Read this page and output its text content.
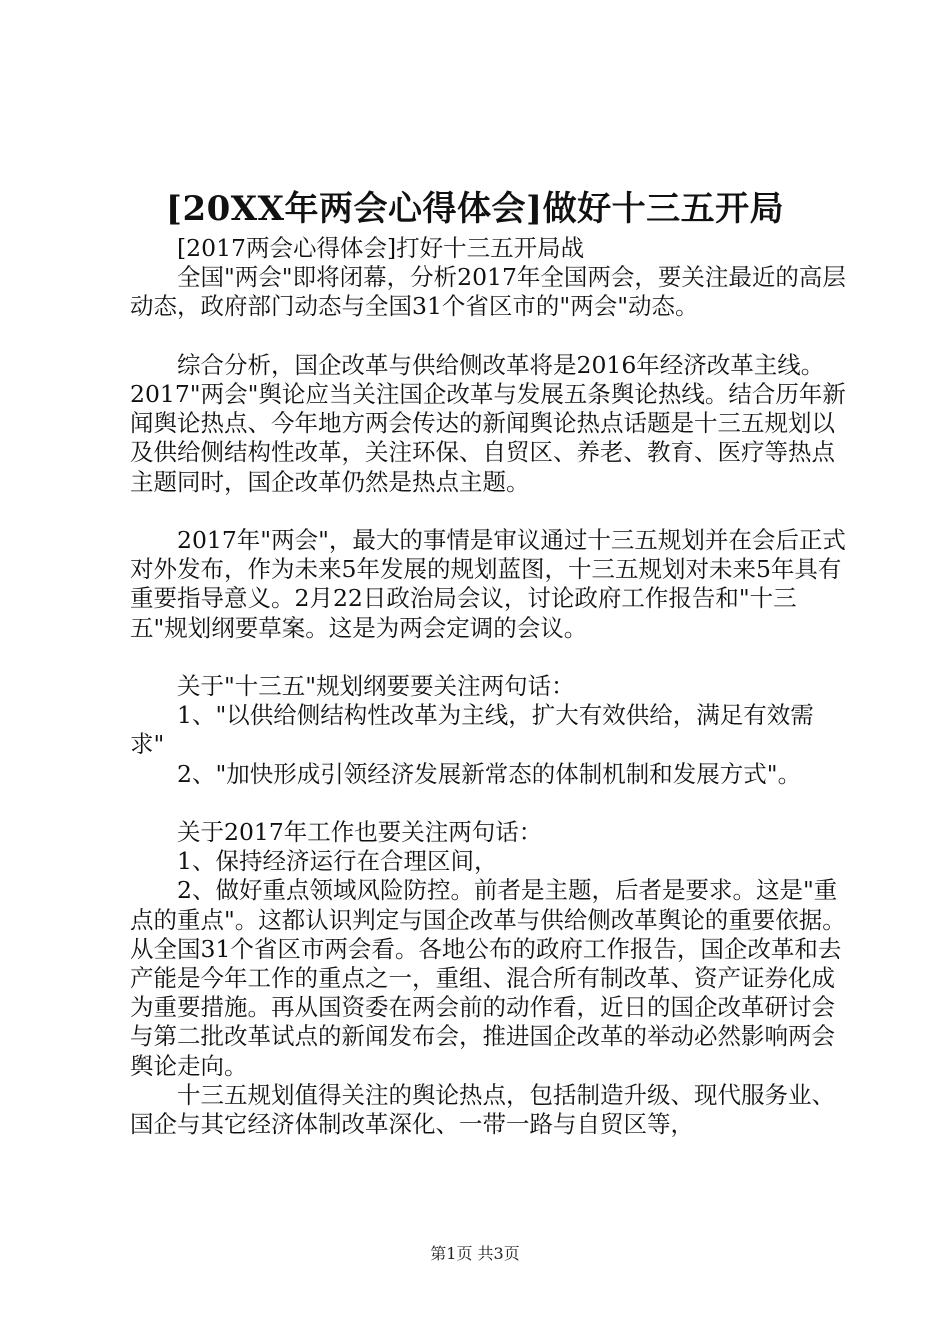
[20XX年两会心得体会]做好十三五开局

[2017两会心得体会]打好十三五开局战

全国"两会"即将闭幕，分析2017年全国两会，要关注最近的高层动态，政府部门动态与全国31个省区市的"两会"动态。

综合分析，国企改革与供给侧改革将是2016年经济改革主线。2017"两会"舆论应当关注国企改革与发展五条舆论热线。结合历年新闻舆论热点、今年地方两会传达的新闻舆论热点话题是十三五规划以及供给侧结构性改革，关注环保、自贸区、养老、教育、医疗等热点主题同时，国企改革仍然是热点主题。

2017年"两会"，最大的事情是审议通过十三五规划并在会后正式对外发布，作为未来5年发展的规划蓝图，十三五规划对未来5年具有重要指导意义。2月22日政治局会议，讨论政府工作报告和"十三五"规划纲要草案。这是为两会定调的会议。

关于"十三五"规划纲要要关注两句话：

1、"以供给侧结构性改革为主线，扩大有效供给，满足有效需求"

2、"加快形成引领经济发展新常态的体制机制和发展方式"。

关于2017年工作也要关注两句话：

1、保持经济运行在合理区间，

2、做好重点领域风险防控。前者是主题，后者是要求。这是"重点的重点"。这都认识判定与国企改革与供给侧改革舆论的重要依据。从全国31个省区市两会看。各地公布的政府工作报告，国企改革和去产能是今年工作的重点之一，重组、混合所有制改革、资产证券化成为重要措施。再从国资委在两会前的动作看，近日的国企改革研讨会与第二批改革试点的新闻发布会，推进国企改革的举动必然影响两会舆论走向。

十三五规划值得关注的舆论热点，包括制造升级、现代服务业、国企与其它经济体制改革深化、一带一路与自贸区等，

第1页 共3页
